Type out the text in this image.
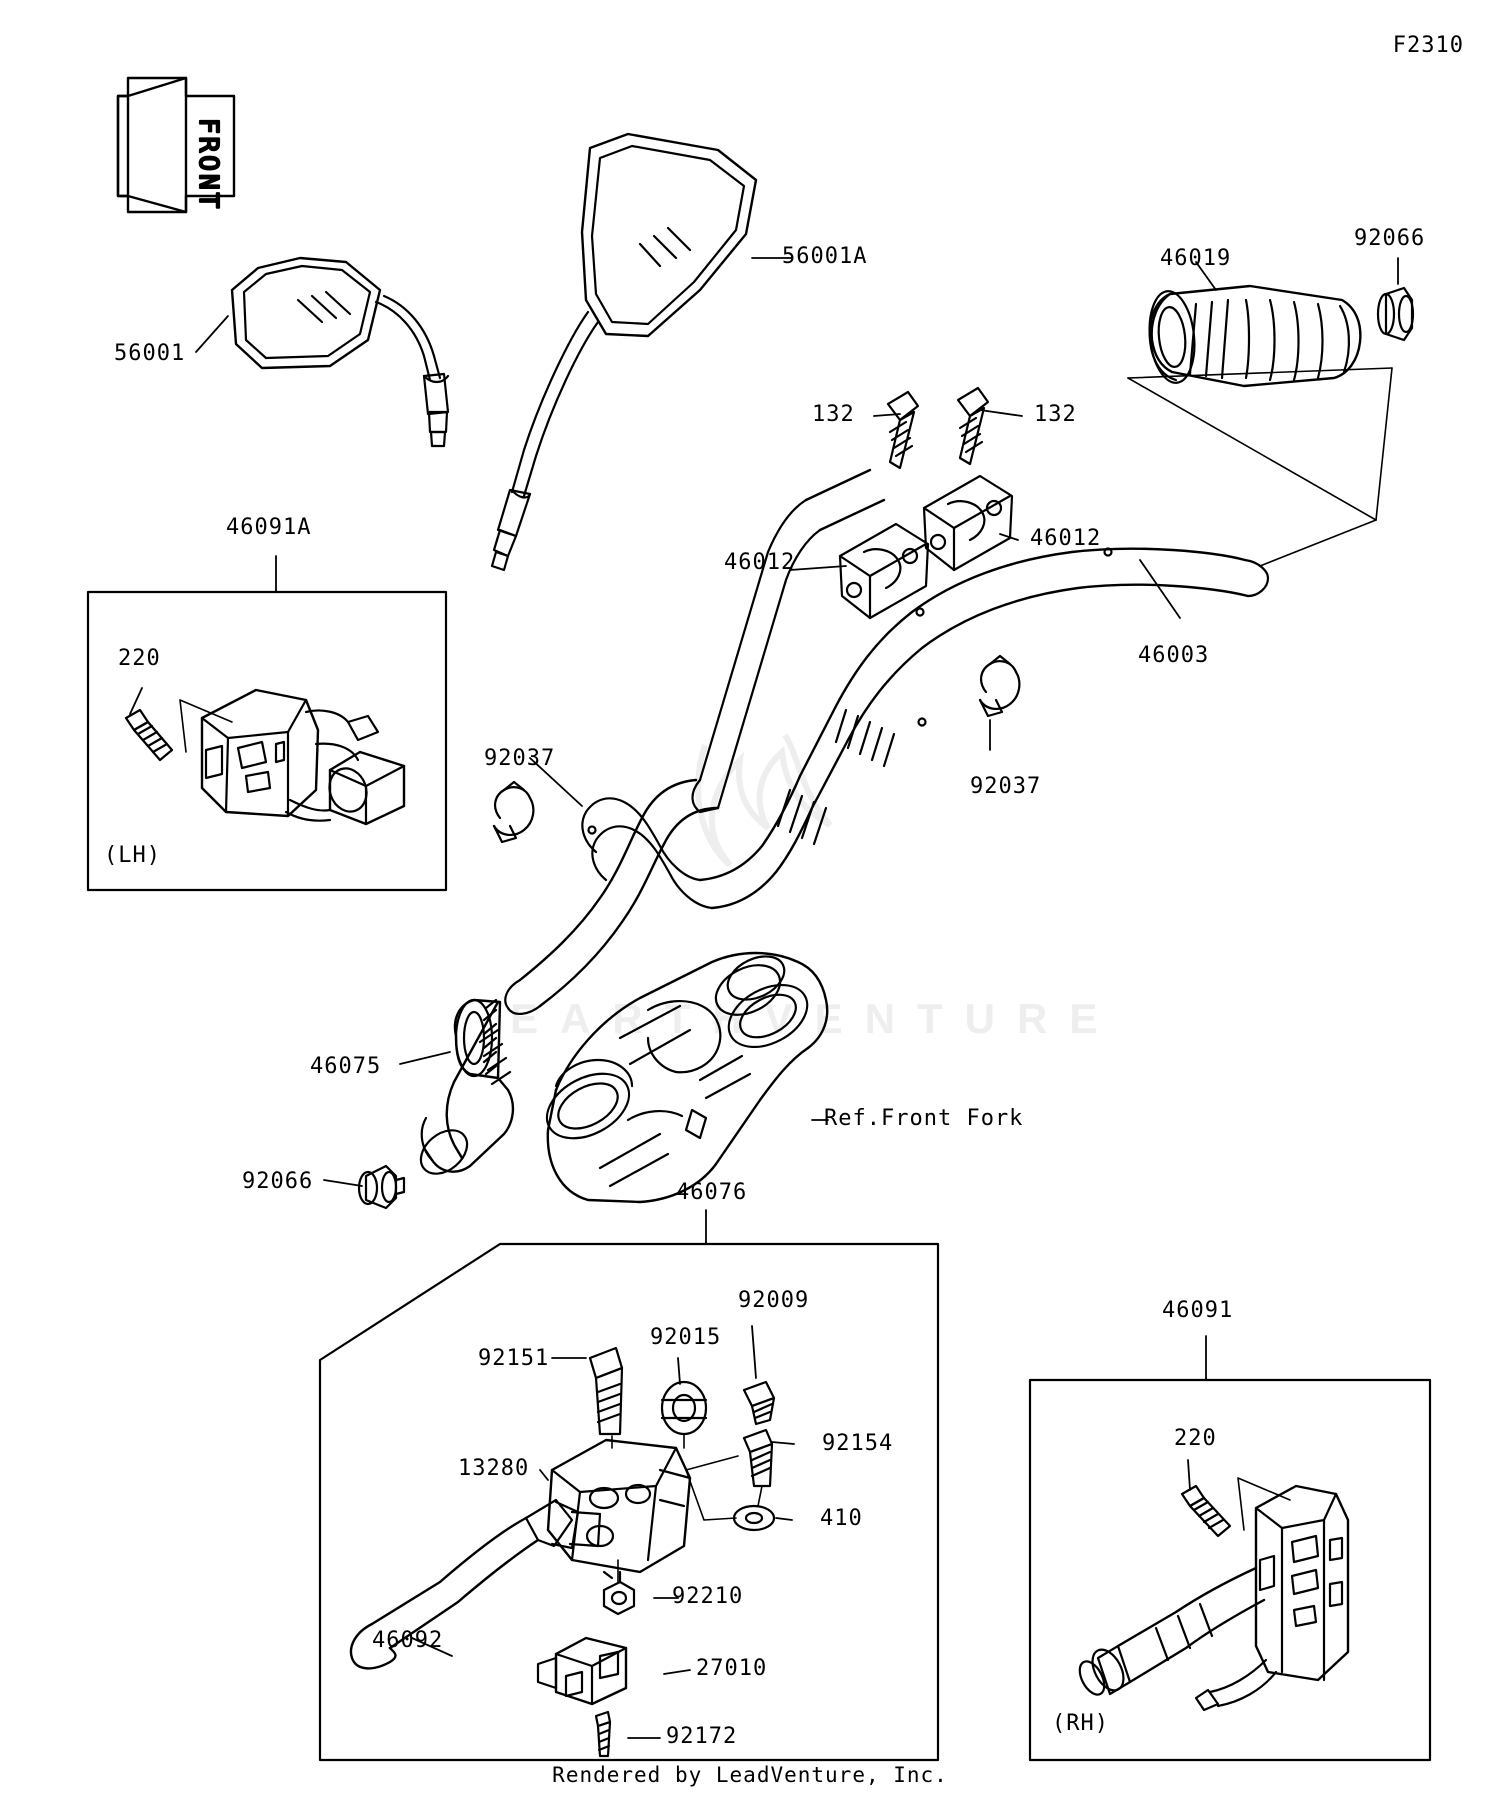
EARTHVENTURE
FRONT
F2310
56001
56001A	46019
92066
132	132
46012
46012
46003
92037
92037
46091A
220
(LH)
46075
92066	46076
92151
92015
92009
92154
410
13280
46092
92210
27010
92172
46091
220
(RH)
Ref.Front Fork
Rendered by LeadVenture, Inc.
